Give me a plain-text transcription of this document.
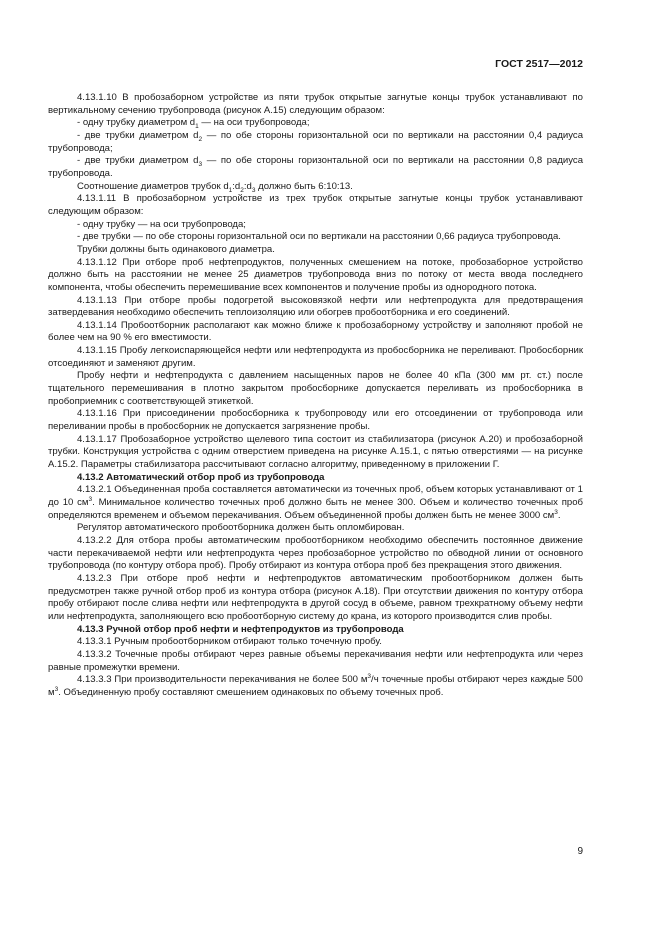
ГОСТ 2517—2012

4.13.1.10 В пробозаборном устройстве из пяти трубок открытые загнутые концы трубок устанавливают по вертикальному сечению трубопровода (рисунок А.15) следующим образом:

- одну трубку диаметром $d_1$ — на оси трубопровода;

- две трубки диаметром $d_2$ — по обе стороны горизонтальной оси по вертикали на расстоянии 0,4 радиуса трубопровода;

- две трубки диаметром $d_3$ — по обе стороны горизонтальной оси по вертикали на расстоянии 0,8 радиуса трубопровода.

Соотношение диаметров трубок $d_1:d_2:d_3$ должно быть 6:10:13.

4.13.1.11 В пробозаборном устройстве из трех трубок открытые загнутые концы трубок устанавливают следующим образом:

- одну трубку — на оси трубопровода;

- две трубки — по обе стороны горизонтальной оси по вертикали на расстоянии 0,66 радиуса трубопровода.

Трубки должны быть одинакового диаметра.

4.13.1.12 При отборе проб нефтепродуктов, полученных смешением на потоке, пробозаборное устройство должно быть на расстоянии не менее 25 диаметров трубопровода вниз по потоку от места ввода последнего компонента, чтобы обеспечить перемешивание всех компонентов и получение пробы из однородного потока.

4.13.1.13 При отборе пробы подогретой высоковязкой нефти или нефтепродукта для предотвращения затвердевания необходимо обеспечить теплоизоляцию или обогрев пробоотборника и его соединений.

4.13.1.14 Пробоотборник располагают как можно ближе к пробозаборному устройству и заполняют пробой не более чем на 90 % его вместимости.

4.13.1.15 Пробу легкоиспаряющейся нефти или нефтепродукта из пробосборника не переливают. Пробосборник отсоединяют и заменяют другим.

Пробу нефти и нефтепродукта с давлением насыщенных паров не более 40 кПа (300 мм рт. ст.) после тщательного перемешивания в плотно закрытом пробосборнике допускается переливать из пробосборника в пробоприемник с соответствующей этикеткой.

4.13.1.16 При присоединении пробосборника к трубопроводу или его отсоединении от трубопровода или переливании пробы в пробосборник не допускается загрязнение пробы.

4.13.1.17 Пробозаборное устройство щелевого типа состоит из стабилизатора (рисунок А.20) и пробозаборной трубки. Конструкция устройства с одним отверстием приведена на рисунке А.15.1, с пятью отверстиями — на рисунке А.15.2. Параметры стабилизатора рассчитывают согласно алгоритму, приведенному в приложении Г.

4.13.2 Автоматический отбор проб из трубопровода

4.13.2.1 Объединенная проба составляется автоматически из точечных проб, объем которых устанавливают от 1 до 10 $см^3$. Минимальное количество точечных проб должно быть не менее 300. Объем и количество точечных проб определяются временем и объемом перекачивания. Объем объединенной пробы должен быть не менее 3000 $см^3$.

Регулятор автоматического пробоотборника должен быть опломбирован.

4.13.2.2 Для отбора пробы автоматическим пробоотборником необходимо обеспечить постоянное движение части перекачиваемой нефти или нефтепродукта через пробозаборное устройство по обводной линии от основного трубопровода (по контуру отбора проб). Пробу отбирают из контура отбора проб без прекращения этого движения.

4.13.2.3 При отборе проб нефти и нефтепродуктов автоматическим пробоотборником должен быть предусмотрен также ручной отбор проб из контура отбора (рисунок А.18). При отсутствии движения по контуру отбора пробу отбирают после слива нефти или нефтепродукта в другой сосуд в объеме, равном трехкратному объему нефти или нефтепродукта, заполняющего всю пробоотборную систему до крана, из которого производится слив пробы.

4.13.3 Ручной отбор проб нефти и нефтепродуктов из трубопровода

4.13.3.1 Ручным пробоотборником отбирают только точечную пробу.

4.13.3.2 Точечные пробы отбирают через равные объемы перекачивания нефти или нефтепродукта или через равные промежутки времени.

4.13.3.3 При производительности перекачивания не более 500 $м^3/ч$ точечные пробы отбирают через каждые 500 $м^3$. Объединенную пробу составляют смешением одинаковых по объему точечных проб.

9
